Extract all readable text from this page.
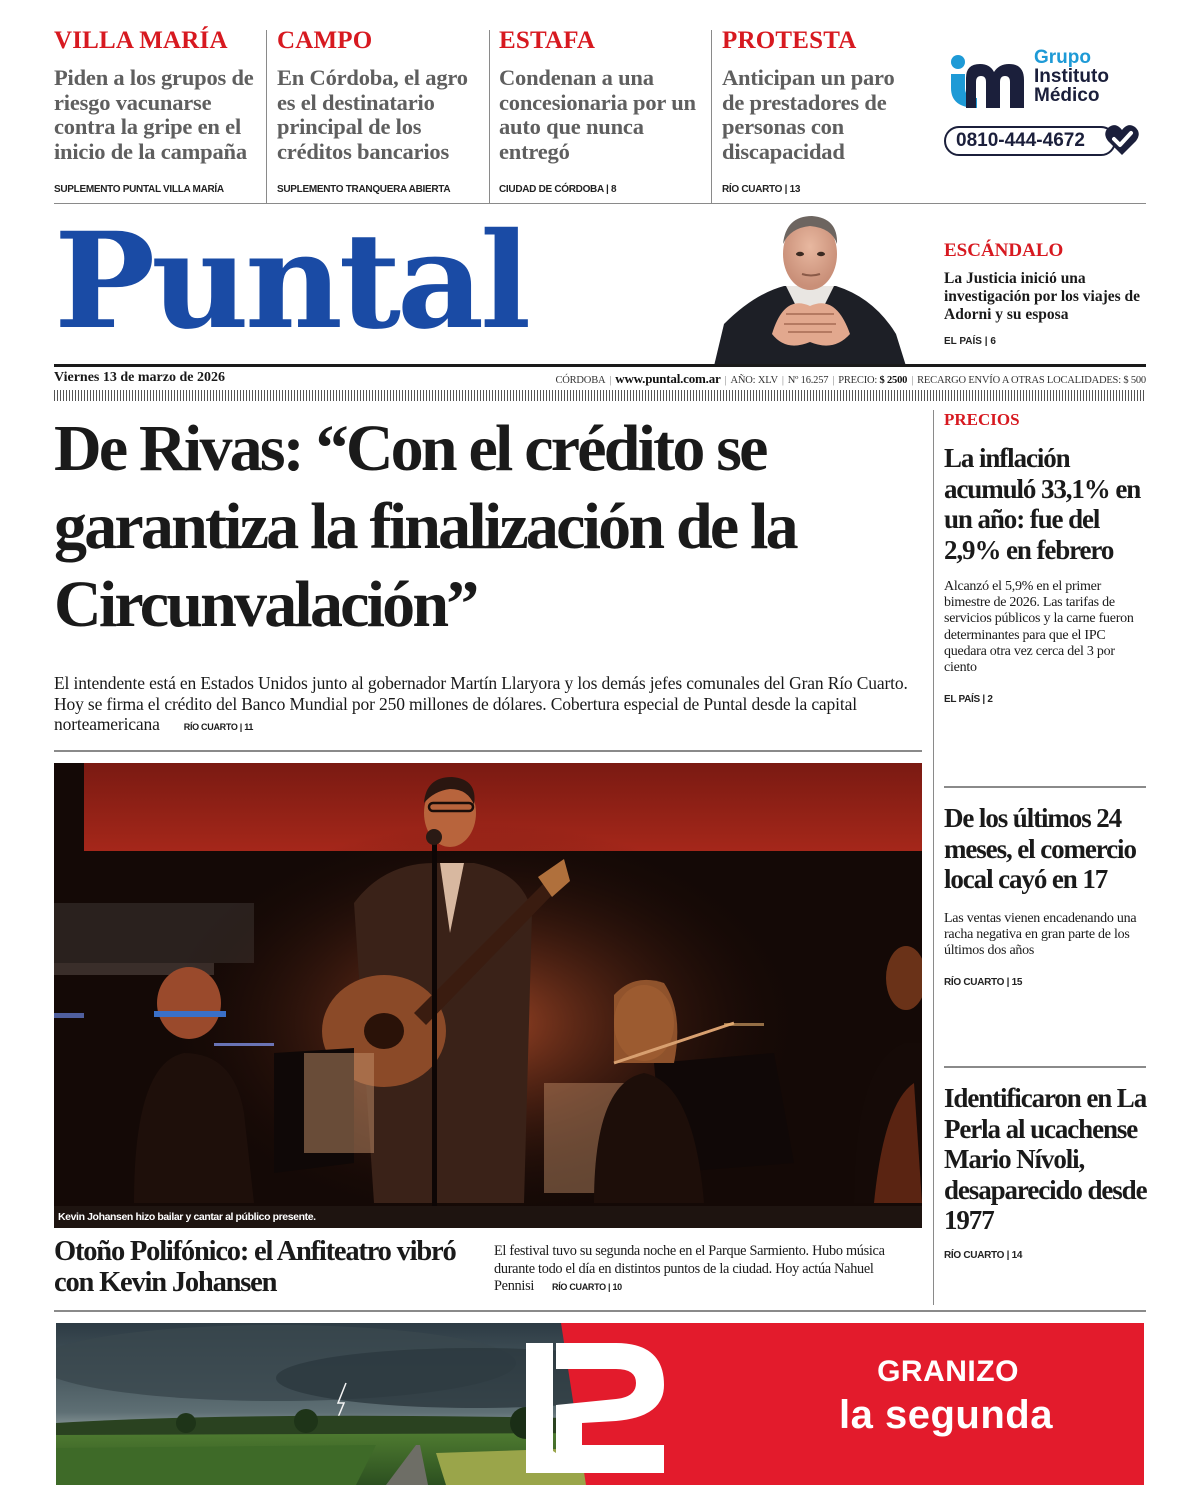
VILLA MARÍA
Piden a los grupos de riesgo vacunarse contra la gripe en el inicio de la campaña
SUPLEMENTO PUNTAL VILLA MARÍA
CAMPO
En Córdoba, el agro es el destinatario principal de los créditos bancarios
SUPLEMENTO TRANQUERA ABIERTA
ESTAFA
Condenan a una concesionaria por un auto que nunca entregó
CIUDAD DE CÓRDOBA | 8
PROTESTA
Anticipan un paro de prestadores de personas con discapacidad
RÍO CUARTO | 13
Grupo
Instituto
Médico
0810-444-4672
Puntal	ESCÁNDALO
La Justicia inició una investigación por los viajes de Adorni y su esposa
EL PAÍS | 6
Viernes 13 de marzo de 2026	CÓRDOBA | www.puntal.com.ar | AÑO: XLV | Nº 16.257 | PRECIO: $ 2500 | RECARGO ENVÍO A OTRAS LOCALIDADES: $ 500
De Rivas: “Con el crédito se garantiza la finalización de la Circunvalación”
El intendente está en Estados Unidos junto al gobernador Martín Llaryora y los demás jefes comunales del Gran Río Cuarto. Hoy se firma el crédito del Banco Mundial por 250 millones de dólares. Cobertura especial de Puntal desde la capital norteamericana	RÍO CUARTO | 11
Kevin Johansen hizo bailar y cantar al público presente.
Otoño Polifónico: el Anfiteatro vibró con Kevin Johansen
El festival tuvo su segunda noche en el Parque Sarmiento. Hubo música durante todo el día en distintos puntos de la ciudad. Hoy actúa Nahuel Pennisi RÍO CUARTO | 10
PRECIOS
La inflación acumuló 33,1% en un año: fue del 2,9% en febrero
Alcanzó el 5,9% en el primer bimestre de 2026. Las tarifas de servicios públicos y la carne fueron determinantes para que el IPC quedara otra vez cerca del 3 por ciento
EL PAÍS | 2
De los últimos 24 meses, el comercio local cayó en 17
Las ventas vienen encadenando una racha negativa en gran parte de los últimos dos años
RÍO CUARTO | 15
Identificaron en La Perla al ucachense Mario Nívoli, desaparecido desde 1977
RÍO CUARTO | 14
GRANIZO
la segunda
